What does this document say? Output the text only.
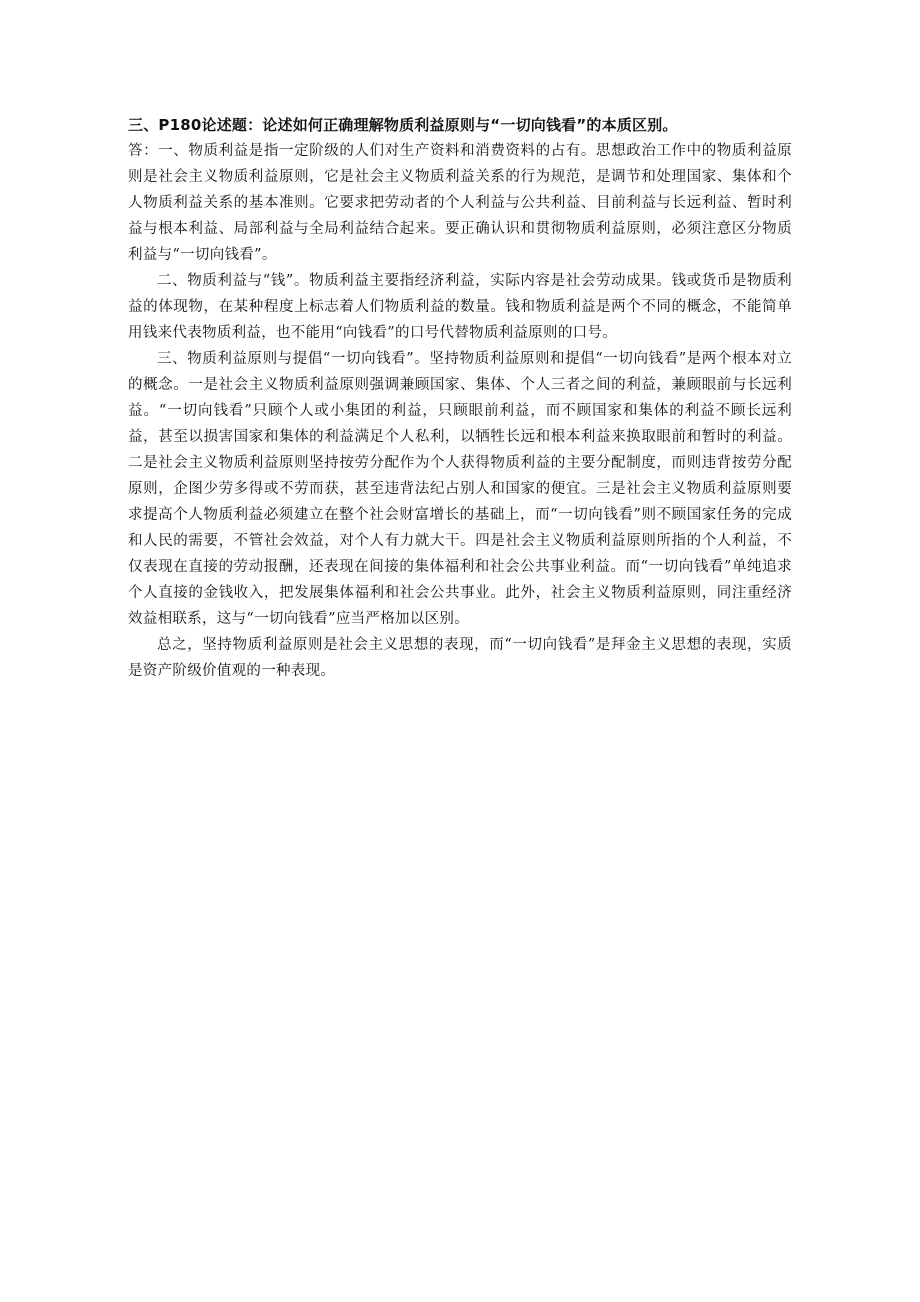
三、P180论述题：论述如何正确理解物质利益原则与“一切向钱看”的本质区别。

答：一、物质利益是指一定阶级的人们对生产资料和消费资料的占有。思想政治工作中的物质利益原则是社会主义物质利益原则，它是社会主义物质利益关系的行为规范，是调节和处理国家、集体和个人物质利益关系的基本准则。它要求把劳动者的个人利益与公共利益、目前利益与长远利益、暂时利益与根本利益、局部利益与全局利益结合起来。要正确认识和贯彻物质利益原则，必须注意区分物质利益与“一切向钱看”。

二、物质利益与“钱”。物质利益主要指经济利益，实际内容是社会劳动成果。钱或货币是物质利益的体现物，在某种程度上标志着人们物质利益的数量。钱和物质利益是两个不同的概念，不能简单用钱来代表物质利益，也不能用“向钱看”的口号代替物质利益原则的口号。

三、物质利益原则与提倡“一切向钱看”。坚持物质利益原则和提倡“一切向钱看”是两个根本对立的概念。一是社会主义物质利益原则强调兼顾国家、集体、个人三者之间的利益，兼顾眼前与长远利益。“一切向钱看”只顾个人或小集团的利益，只顾眼前利益，而不顾国家和集体的利益不顾长远利益，甚至以损害国家和集体的利益满足个人私利，以牺牲长远和根本利益来换取眼前和暂时的利益。二是社会主义物质利益原则坚持按劳分配作为个人获得物质利益的主要分配制度，而则违背按劳分配原则，企图少劳多得或不劳而获，甚至违背法纪占别人和国家的便宜。三是社会主义物质利益原则要求提高个人物质利益必须建立在整个社会财富增长的基础上，而“一切向钱看”则不顾国家任务的完成和人民的需要，不管社会效益，对个人有力就大干。四是社会主义物质利益原则所指的个人利益，不仅表现在直接的劳动报酬，还表现在间接的集体福利和社会公共事业利益。而“一切向钱看”单纯追求个人直接的金钱收入，把发展集体福利和社会公共事业。此外，社会主义物质利益原则，同注重经济效益相联系，这与“一切向钱看”应当严格加以区别。

总之，坚持物质利益原则是社会主义思想的表现，而“一切向钱看”是拜金主义思想的表现，实质是资产阶级价值观的一种表现。
